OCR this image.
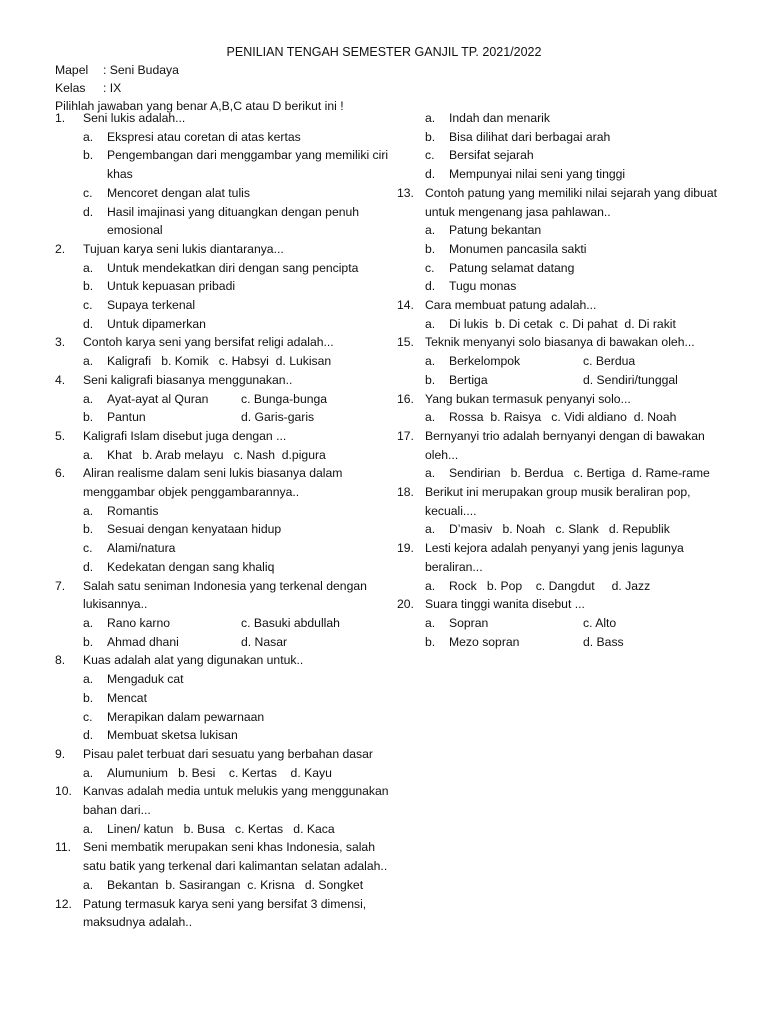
PENILIAN TENGAH SEMESTER GANJIL TP. 2021/2022
Mapel : Seni Budaya
Kelas : IX
Pilihlah jawaban yang benar A,B,C atau D berikut ini !
1.	Seni lukis adalah...
a.	Ekspresi atau coretan di atas kertas
b.	Pengembangan dari menggambar yang memiliki ciri khas
c.	Mencoret dengan alat tulis
d.	Hasil imajinasi yang dituangkan dengan penuh emosional
2.	Tujuan karya seni lukis diantaranya...
a.	Untuk mendekatkan diri dengan sang pencipta
b.	Untuk kepuasan pribadi
c.	Supaya terkenal
d.	Untuk dipamerkan
3.	Contoh karya seni yang bersifat religi adalah...
a.	Kaligrafi   b. Komik   c. Habsyi  d. Lukisan
4.	Seni kaligrafi biasanya menggunakan..
a.	Ayat-ayat al Quran	c. Bunga-bunga
b.	Pantun	d. Garis-garis
5.	Kaligrafi Islam disebut juga dengan ...
a.	Khat   b. Arab melayu   c. Nash  d.pigura
6.	Aliran realisme dalam seni lukis biasanya dalam menggambar objek penggambarannya..
a.	Romantis
b.	Sesuai dengan kenyataan hidup
c.	Alami/natura
d.	Kedekatan dengan sang khaliq
7.	Salah satu seniman Indonesia yang terkenal dengan lukisannya..
a.	Rano karno	c. Basuki abdullah
b.	Ahmad dhani	d. Nasar
8.	Kuas adalah alat yang digunakan untuk..
a.	Mengaduk cat
b.	Mencat
c.	Merapikan dalam pewarnaan
d.	Membuat sketsa lukisan
9.	Pisau palet terbuat dari sesuatu yang berbahan dasar
a.	Alumunium   b. Besi    c. Kertas    d. Kayu
10. Kanvas adalah media untuk melukis yang menggunakan bahan dari...
a.	Linen/ katun   b. Busa   c. Kertas   d. Kaca
11. Seni membatik merupakan seni khas Indonesia, salah satu batik yang terkenal dari kalimantan selatan adalah..
a.	Bekantan  b. Sasirangan  c. Krisna   d. Songket
12. Patung termasuk karya seni yang bersifat 3 dimensi, maksudnya adalah..
a.	Indah dan menarik
b.	Bisa dilihat dari berbagai arah
c.	Bersifat sejarah
d.	Mempunyai nilai seni yang tinggi
13. Contoh patung yang memiliki nilai sejarah yang dibuat untuk mengenang jasa pahlawan..
a.	Patung bekantan
b.	Monumen pancasila sakti
c.	Patung selamat datang
d.	Tugu monas
14. Cara membuat patung adalah...
a.	Di lukis  b. Di cetak  c. Di pahat  d. Di rakit
15. Teknik menyanyi solo biasanya di bawakan oleh...
a.	Berkelompok	c. Berdua
b.	Bertiga	d. Sendiri/tunggal
16. Yang bukan termasuk penyanyi solo...
a.	Rossa  b. Raisya   c. Vidi aldiano  d. Noah
17. Bernyanyi trio adalah bernyanyi dengan di bawakan oleh...
a.	Sendirian   b. Berdua   c. Bertiga  d. Rame-rame
18. Berikut ini merupakan group musik beraliran pop, kecuali....
a.	D’masiv   b. Noah   c. Slank   d. Republik
19. Lesti kejora adalah penyanyi yang jenis lagunya beraliran...
a.	Rock   b. Pop    c. Dangdut     d. Jazz
20. Suara tinggi wanita disebut ...
a.	Sopran	c. Alto
b.	Mezo sopran	d. Bass
